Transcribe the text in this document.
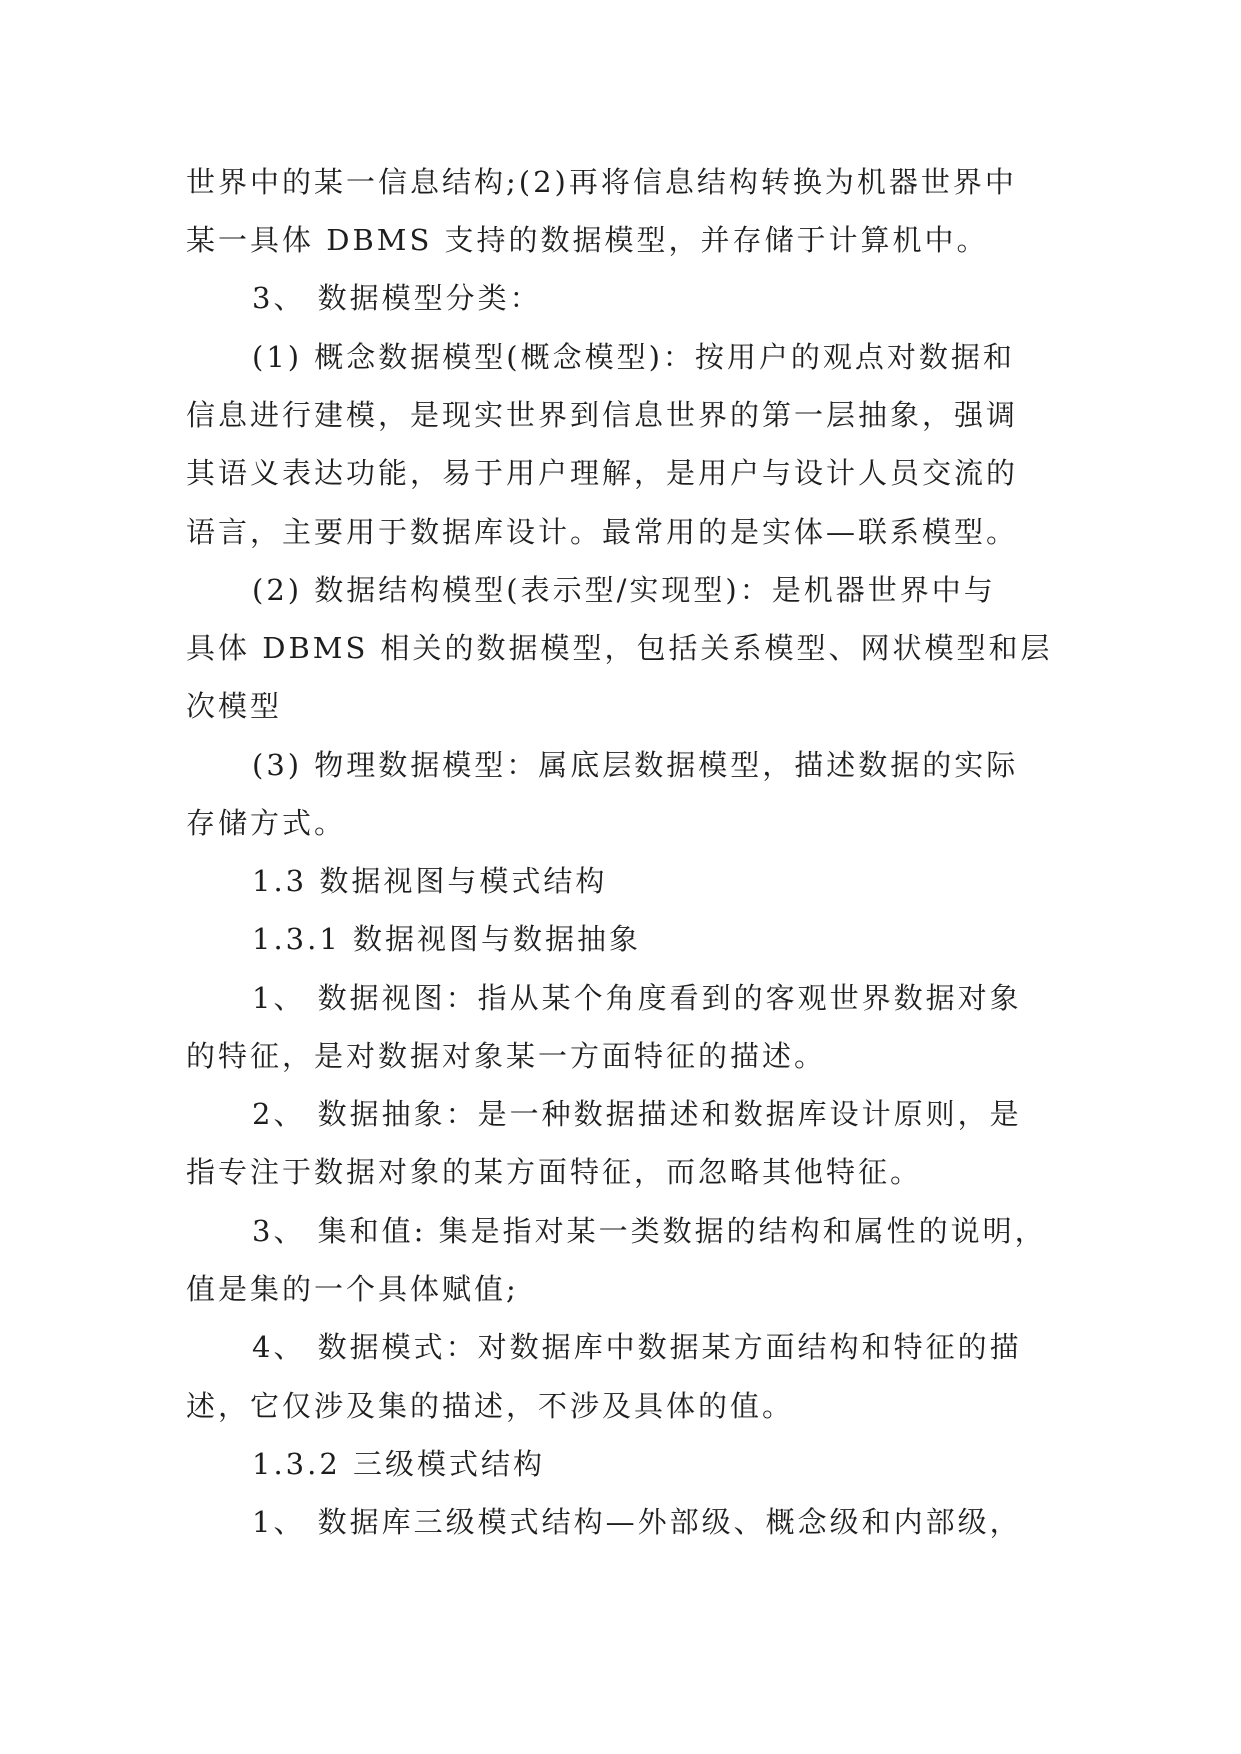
世界中的某一信息结构;(2)再将信息结构转换为机器世界中
某一具体 DBMS 支持的数据模型，并存储于计算机中。
3、 数据模型分类：
(1) 概念数据模型(概念模型)：按用户的观点对数据和
信息进行建模，是现实世界到信息世界的第一层抽象，强调
其语义表达功能，易于用户理解，是用户与设计人员交流的
语言，主要用于数据库设计。最常用的是实体—联系模型。
(2) 数据结构模型(表示型/实现型)：是机器世界中与
具体 DBMS 相关的数据模型，包括关系模型、网状模型和层
次模型
(3) 物理数据模型：属底层数据模型，描述数据的实际
存储方式。
1.3 数据视图与模式结构
1.3.1 数据视图与数据抽象
1、 数据视图：指从某个角度看到的客观世界数据对象
的特征，是对数据对象某一方面特征的描述。
2、 数据抽象：是一种数据描述和数据库设计原则，是
指专注于数据对象的某方面特征，而忽略其他特征。
3、 集和值: 集是指对某一类数据的结构和属性的说明，
值是集的一个具体赋值;
4、 数据模式：对数据库中数据某方面结构和特征的描
述，它仅涉及集的描述，不涉及具体的值。
1.3.2 三级模式结构
1、 数据库三级模式结构—外部级、概念级和内部级，
